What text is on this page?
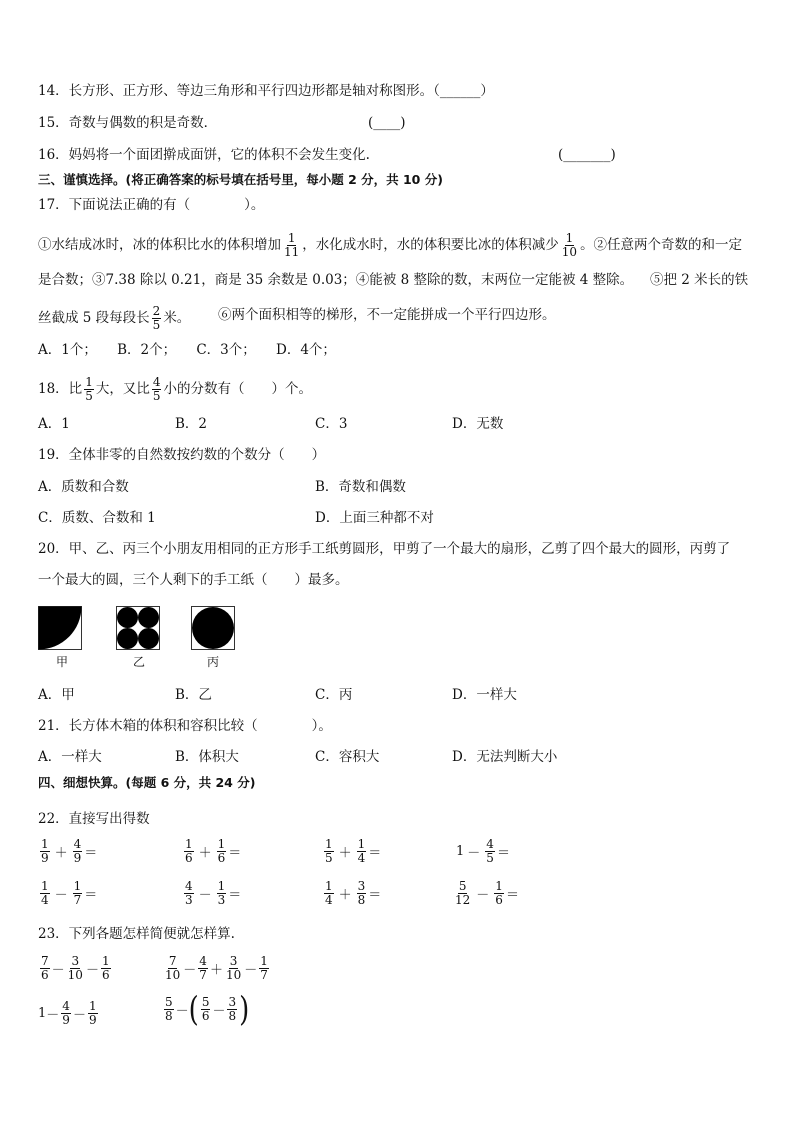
14．长方形、正方形、等边三角形和平行四边形都是轴对称图形。（______）
15．奇数与偶数的积是奇数．	(____)
16．妈妈将一个面团擀成面饼，它的体积不会发生变化.	(_______)
三、谨慎选择。(将正确答案的标号填在括号里，每小题 2 分，共 10 分)
17．下面说法正确的有（　　　　）。
①水结成冰时，冰的体积比水的体积增加 $\frac{1}{11}$ ，水化成水时，水的体积要比冰的体积减少 $\frac{1}{10}$ 。②任意两个奇数的和一定
是合数；③7.38 除以 0.21，商是 35 余数是 0.03；④能被 8 整除的数，末两位一定能被 4 整除。 ⑤把 2 米长的铁
丝截成 5 段每段长 $\frac{2}{5}$ 米。 ⑥两个面积相等的梯形，不一定能拼成一个平行四边形。
A．1个；　　B．2个；　　C．3个；　　D．4个；
18．比 $\frac{1}{5}$ 大，又比 $\frac{4}{5}$ 小的分数有（　　）个。
A．1	B．2	C．3	D．无数
19．全体非零的自然数按约数的个数分（　　）
A．质数和合数	B．奇数和偶数
C．质数、合数和 1	D．上面三种都不对
20．甲、乙、丙三个小朋友用相同的正方形手工纸剪圆形，甲剪了一个最大的扇形，乙剪了四个最大的圆形，丙剪了
一个最大的圆，三个人剩下的手工纸（　　）最多。
甲	乙	丙
A．甲	B．乙	C．丙	D．一样大
21．长方体木箱的体积和容积比较（　　　　）。
A．一样大	B．体积大	C．容积大	D．无法判断大小
四、细想快算。(每题 6 分，共 24 分)
22．直接写出得数
$\frac{1}{9} + \frac{4}{9}$ ＝	$\frac{1}{6} + \frac{1}{6}$ ＝	$\frac{1}{5} + \frac{1}{4}$ ＝	$1 - \frac{4}{5}$ ＝
$\frac{1}{4} - \frac{1}{7}$ ＝	$\frac{4}{3} - \frac{1}{3}$ ＝	$\frac{1}{4} + \frac{3}{8}$ ＝	$\frac{5}{12} - \frac{1}{6}$ ＝
23．下列各题怎样简便就怎样算.
$\frac{7}{6} - \frac{3}{10} - \frac{1}{6}$	$\frac{7}{10} - \frac{4}{7} + \frac{3}{10} - \frac{1}{7}$
$1 - \frac{4}{9} - \frac{1}{9}$	$\frac{5}{8}$ － ( $\frac{5}{6} - \frac{3}{8}$ )
